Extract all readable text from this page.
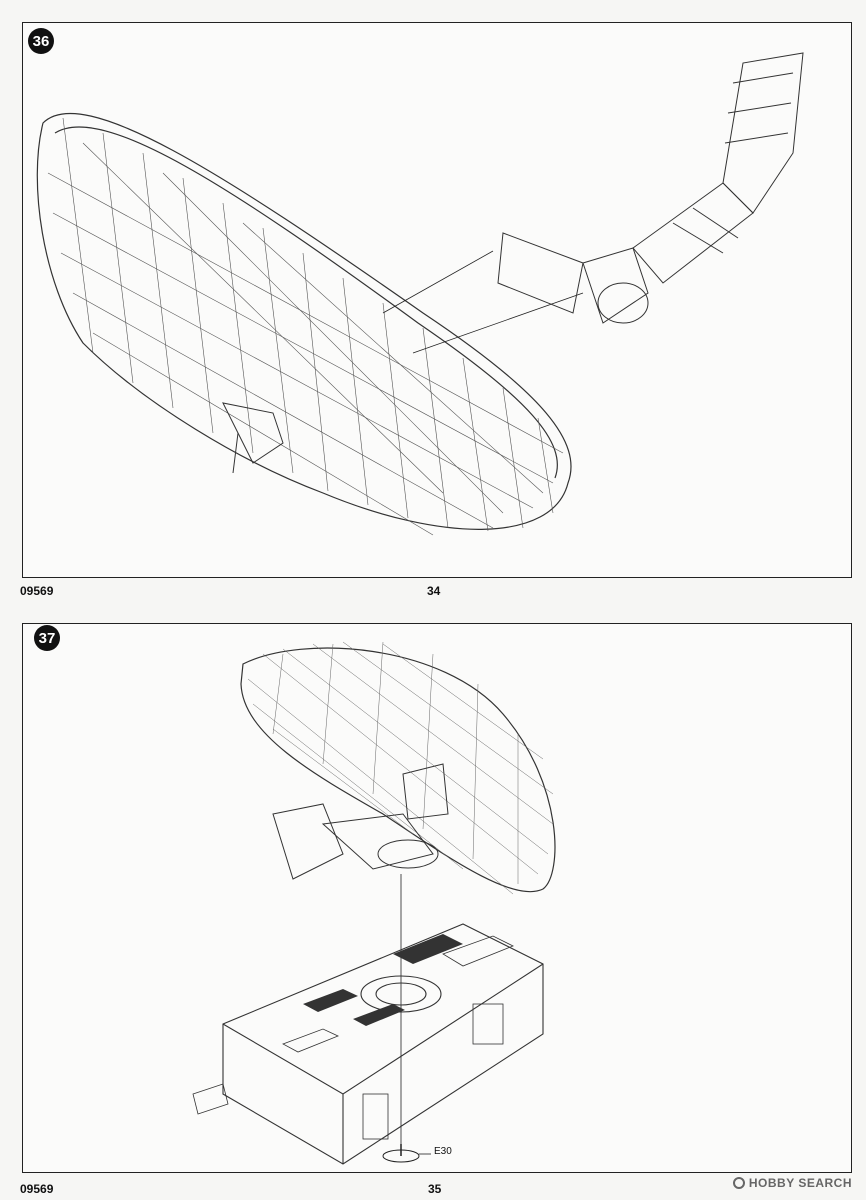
36
09569	34
37
E30
09569	35	HOBBY SEARCH
